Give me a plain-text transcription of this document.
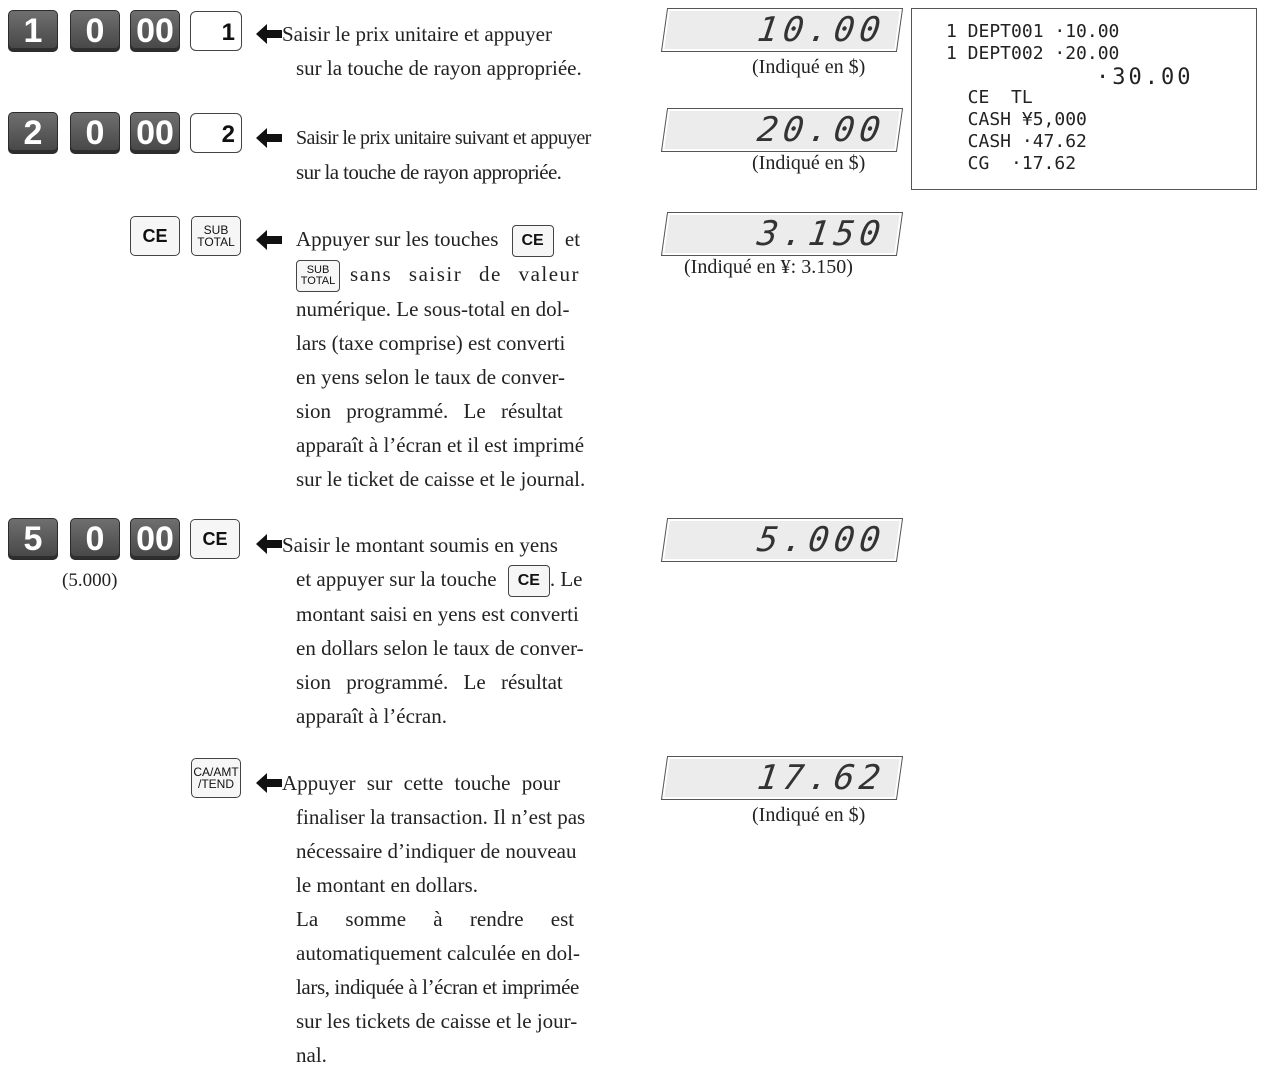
1	0 00	1	Saisir le prix unitaire et appuyer
sur la touche de rayon appropriée.
10.00
(Indiqué en $)
2	0 00	2	Saisir le prix unitaire suivant et appuyer
sur la touche de rayon appropriée.
20.00
(Indiqué en $)
CE	SUB
TOTAL	Appuyer sur les touches CE et
SUB
TOTAL sans saisir de valeur
numérique. Le sous-total en dol-
lars (taxe comprise) est converti
en yens selon le taux de conver-
sion programmé. Le résultat
apparaît à l’écran et il est imprimé
sur le ticket de caisse et le journal.
3.150
(Indiqué en ¥: 3.150)
5	0 00	CE
(5.000)
Saisir le montant soumis en yens
et appuyer sur la touche CE . Le
montant saisi en yens est converti
en dollars selon le taux de conver-
sion programmé. Le résultat
apparaît à l’écran.
5.000
CA/AMT
/TEND Appuyer sur cette touche pour
finaliser la transaction. Il n’est pas
nécessaire d’indiquer de nouveau
le montant en dollars.
La somme à rendre est
automatiquement calculée en dol-
lars, indiquée à l’écran et imprimée
sur les tickets de caisse et le jour-
nal.
17.62
(Indiqué en $)
1 DEPT001 ·10.00
1 DEPT002 ·20.00

TL

·30.00

CE
CASH ¥5,000
CASH ·47.62
CG  ·17.62
